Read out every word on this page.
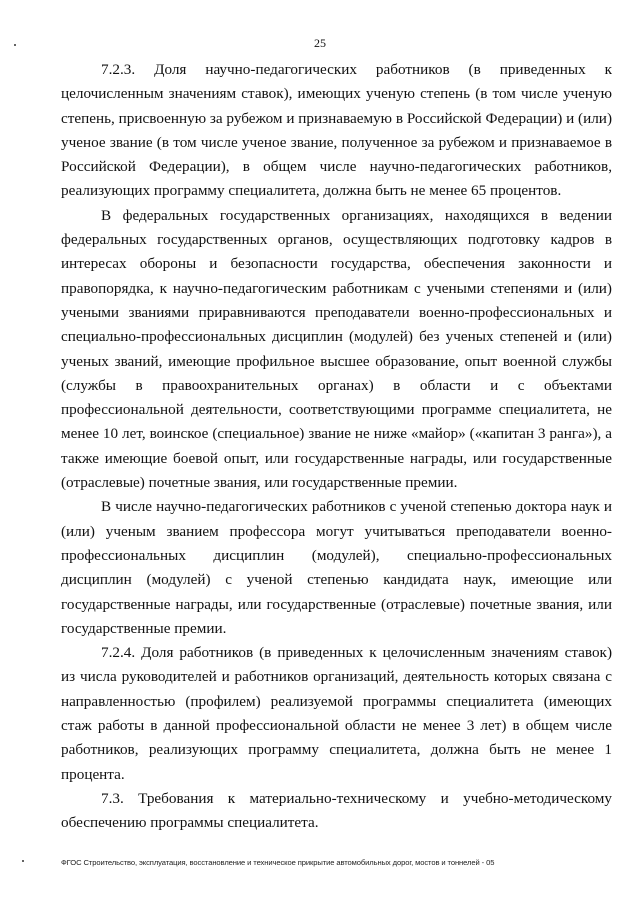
25

7.2.3. Доля научно-педагогических работников (в приведенных к целочисленным значениям ставок), имеющих ученую степень (в том числе ученую степень, присвоенную за рубежом и признаваемую в Российской Федерации) и (или) ученое звание (в том числе ученое звание, полученное за рубежом и признаваемое в Российской Федерации), в общем числе научно-педагогических работников, реализующих программу специалитета, должна быть не менее 65 процентов.

В федеральных государственных организациях, находящихся в ведении федеральных государственных органов, осуществляющих подготовку кадров в интересах обороны и безопасности государства, обеспечения законности и правопорядка, к научно-педагогическим работникам с учеными степенями и (или) учеными званиями приравниваются преподаватели военно-профессиональных и специально-профессиональных дисциплин (модулей) без ученых степеней и (или) ученых званий, имеющие профильное высшее образование, опыт военной службы (службы в правоохранительных органах) в области и с объектами профессиональной деятельности, соответствующими программе специалитета, не менее 10 лет, воинское (специальное) звание не ниже «майор» («капитан 3 ранга»), а также имеющие боевой опыт, или государственные награды, или государственные (отраслевые) почетные звания, или государственные премии.

В числе научно-педагогических работников с ученой степенью доктора наук и (или) ученым званием профессора могут учитываться преподаватели военно-профессиональных дисциплин (модулей), специально-профессиональных дисциплин (модулей) с ученой степенью кандидата наук, имеющие или государственные награды, или государственные (отраслевые) почетные звания, или государственные премии.

7.2.4. Доля работников (в приведенных к целочисленным значениям ставок) из числа руководителей и работников организаций, деятельность которых связана с направленностью (профилем) реализуемой программы специалитета (имеющих стаж работы в данной профессиональной области не менее 3 лет) в общем числе работников, реализующих программу специалитета, должна быть не менее 1 процента.

7.3. Требования к материально-техническому и учебно-методическому обеспечению программы специалитета.

ФГОС Строительство, эксплуатация, восстановление и техническое прикрытие автомобильных дорог, мостов и тоннелей - 05
